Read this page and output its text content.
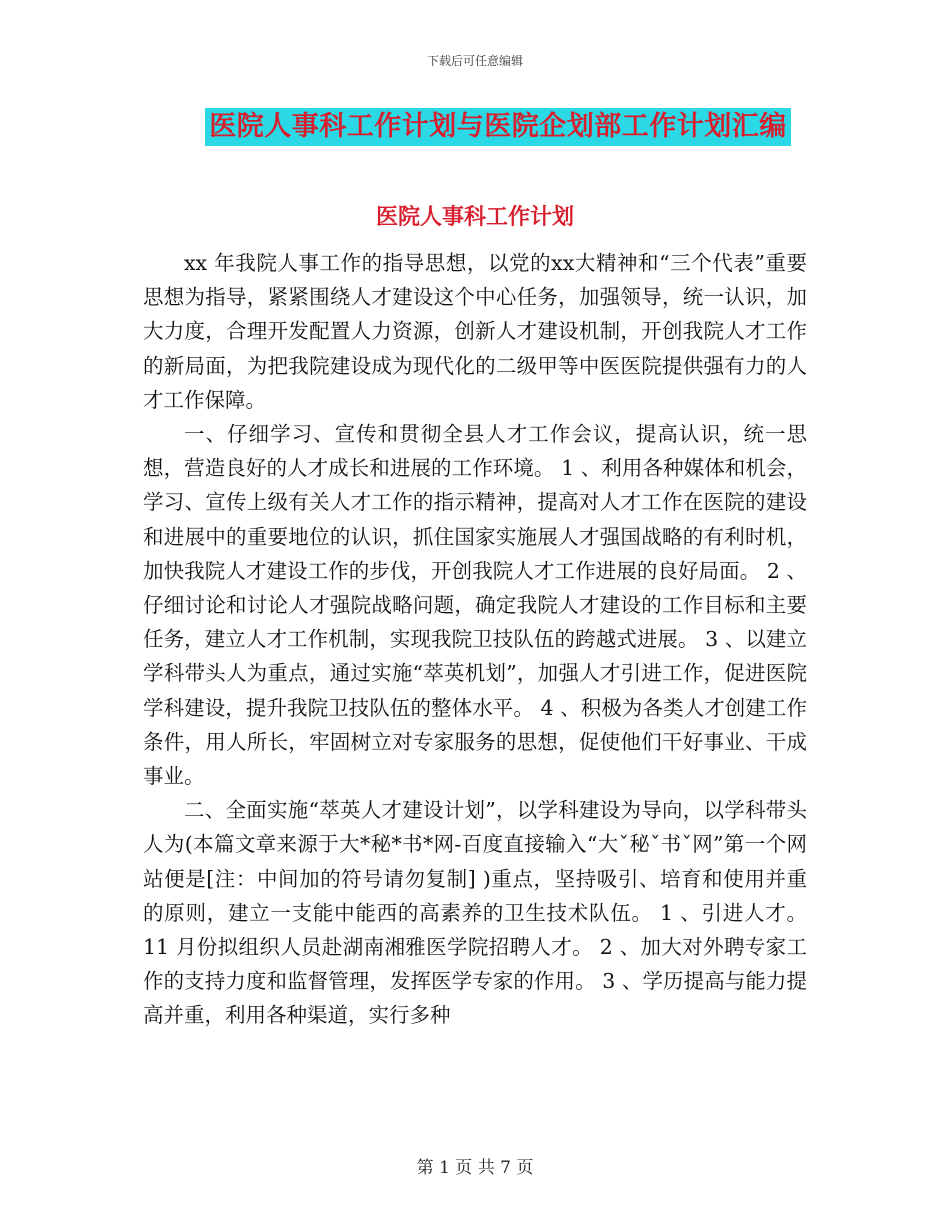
下载后可任意编辑
医院人事科工作计划与医院企划部工作计划汇编
医院人事科工作计划

xx 年我院人事工作的指导思想，以党的xx大精神和“三个代表”重要思想为指导，紧紧围绕人才建设这个中心任务，加强领导，统一认识，加大力度，合理开发配置人力资源，创新人才建设机制，开创我院人才工作的新局面，为把我院建设成为现代化的二级甲等中医医院提供强有力的人才工作保障。

一、仔细学习、宣传和贯彻全县人才工作会议，提高认识，统一思想，营造良好的人才成长和进展的工作环境。 1 、利用各种媒体和机会，学习、宣传上级有关人才工作的指示精神，提高对人才工作在医院的建设和进展中的重要地位的认识，抓住国家实施展人才强国战略的有利时机，加快我院人才建设工作的步伐，开创我院人才工作进展的良好局面。 2 、仔细讨论和讨论人才强院战略问题，确定我院人才建设的工作目标和主要任务，建立人才工作机制，实现我院卫技队伍的跨越式进展。 3 、以建立学科带头人为重点，通过实施“萃英机划”，加强人才引进工作，促进医院学科建设，提升我院卫技队伍的整体水平。 4 、积极为各类人才创建工作条件，用人所长，牢固树立对专家服务的思想，促使他们干好事业、干成事业。

二、全面实施“萃英人才建设计划”，以学科建设为导向，以学科带头人为(本篇文章来源于大*秘*书*网-百度直接输入“大ˇ秘ˇ书ˇ网”第一个网站便是[注：中间加的符号请勿复制] )重点，坚持吸引、培育和使用并重的原则，建立一支能中能西的高素养的卫生技术队伍。 1 、引进人才。 11 月份拟组织人员赴湖南湘雅医学院招聘人才。 2 、加大对外聘专家工作的支持力度和监督管理，发挥医学专家的作用。 3 、学历提高与能力提高并重，利用各种渠道，实行多种

第 1 页 共 7 页
